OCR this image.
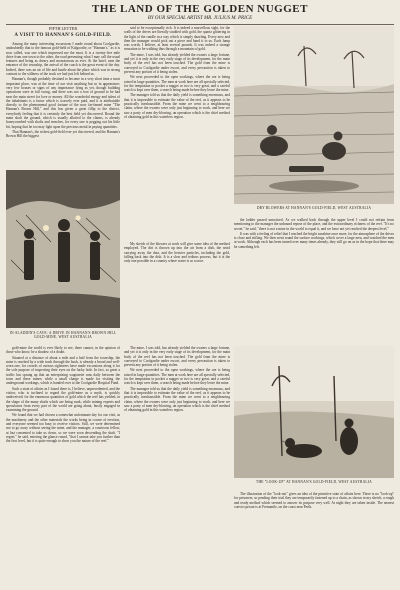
THE LAND OF THE GOLDEN NUGGET
BY OUR SPECIAL ARTIST MR. JULIUS M. PRICE
FIFTH LETTER
A VISIT TO HANNAN'S GOLD-FIELD.

Among the many interesting excursions I made round about Coolgardie, undoubtedly that to the famous gold-field of Kalgoorlie, or "Hannan's," as it is now called, was one which impressed me the most. It is a twenty-five mile drive from one town to the other, the road presenting what I may call the usual features and being as dreary and monotonous as ever. At the hotel, near the entrance of the township, the arrival of the coach is the great event of the day. Indeed, there was an air of life and bustle about the place which was in strong contrast to the stillness of the track we had just left behind us.

Hannan's, though probably destined to become in a very short time a most important place, was at the time of our visit anything but so in appearance; very few houses or signs of any importance lying as yet, though building operations were in full swing, and there was not a foot of ground to be had near the main street for love or money. All the wonderful energy and talent of the inhabitants is a factor which is scarcely ever paid, and it is attributable directly to the phenomenal good fortune of the now far-famed mine "The Hannan's Brown Hill," and this has given a great fillip to the district, everybody feeling that it is certainly the best field yet discovered. Round the main shaft the ground, which is usually allotted to the claims, is already honeycombed with shafts and trenches, for every one is pegging out his little bit, hoping that he too may light upon the precious metal in paying quantities.

That Hannan's, the richest gold-field ever yet discovered, and the Hannan's Brown Hill the biggest

said to be exceptionally rich. It is indeed a marvellous sight, for the walls of the drives are literally studded with gold, the quartz glittering in the light of the candle in a way which is simply dazzling. Every now and then the manager would pick out a piece and hand it to us. Each lump was worth, I believe, at least several pounds. It was indeed a strange sensation to be walking thus through a mountain of gold.

The mine, I was told, has already yielded the owners a large fortune, and yet it is only in the very early stage of its development, for the main body of the reef has not been touched. The gold from the mine is conveyed to Coolgardie under escort, and every precaution is taken to prevent any portion of it being stolen.

We next proceeded to the open workings, where the ore is being raised in large quantities. The men at work here are all specially selected, for the temptation to pocket a nugget or two is very great, and a careful watch is kept over them, a search being made before they leave the mine.

The manager told us that the daily yield is something enormous, and that it is impossible to estimate the value of the reef, as it appears to be practically inexhaustible. From the mine we went to a neighbouring claim, where the owners were only just beginning to work, and here we saw a party of men dry-blowing, an operation which is the chief method of obtaining gold in this waterless region.

DRY BLOWERS AT HANNAN'S GOLD-FIELD, WEST AUSTRALIA
IN ALADDIN'S CAVE: A DRIVE IN HANNAN'S BROWN HILL GOLD-MINE, WEST AUSTRALIA

the ladder passed unnoticed. As we walked back through the upper level I could not refrain from mentioning to the manager the unbound repose of the place, and the extraordinary richness of the reef. "It's no secret," he said, "there is not a mine in the world to equal it, and we have not yet reached the deepest level."

It was with a feeling of relief that I reached the bright sunshine once more, for the atmosphere of the drives is close and stifling. We then went round the surface workings, which cover a large area, and watched the men at work. Although each has been turned over many times already, they still go on as in the hope that there may be something left.

My sketch of the blowers at work will give some idea of the method employed. The dirt is thrown up into the air from a dish, the wind carrying away the dust, and the heavier particles, including the gold, falling back into the dish. It is a slow and tedious process, but it is the only one possible in a country where water is so scarce.

gold-mine the world is ever likely to see, there cannot, in the opinion of those who know, be a shadow of a doubt.

Situated at a distance of about a mile and a half from the township, the mine is reached by a wide track through the bush, is already a broad and well-worn one, for crowds of curious sightseers have made excursions along it for the sole purpose of inspecting their eyes on the lucky hole. In fact, so great a traffic has sprung up that an enterprising wagonette runs daily between the town and these mines; while a small charge is made for visiting the underground workings, which is handed over to the Coolgardie Hospital Fund.

Such a state of affairs as I found there is, I believe, unprecedented, and the visitor, who is inclined to regard the gold-mine as a myth, is quickly undeceived; for the enormous quantities of gold which the reef has yielded, in the shape of the many shafts which are being sunk, while mining experts and speculators from every part of the world are going about, busily engaged in examining the ground.

We found that we had chosen a somewhat unfortunate day for our visit, as the machinery and the other materials the works being in course of erection, and everyone seemed too busy to receive visitors. Still, we were determined not to go away without seeing the mine, and the manager, a courteous fellow, at last consented to take us down, so we were soon descending the shaft. "I regret," he said, entering the glance round, "that I cannot take you further than the first level, but it is quite enough to show you the nature of the reef."

The mine, I was told, has already yielded the owners a large fortune, and yet it is only in the very early stage of its development, for the main body of the reef has not been touched. The gold from the mine is conveyed to Coolgardie under escort, and every precaution is taken to prevent any portion of it being stolen.

We next proceeded to the open workings, where the ore is being raised in large quantities. The men at work here are all specially selected, for the temptation to pocket a nugget or two is very great, and a careful watch is kept over them, a search being made before they leave the mine.

The manager told us that the daily yield is something enormous, and that it is impossible to estimate the value of the reef, as it appears to be practically inexhaustible. From the mine we went to a neighbouring claim, where the owners were only just beginning to work, and here we saw a party of men dry-blowing, an operation which is the chief method of obtaining gold in this waterless region.

THE "LOOK-UP" AT HANNAN'S GOLD-FIELD, WEST AUSTRALIA

The illustration of the "look-out" gives an idea of the primitive state of affairs here. There is no "look-up" for prisoners, so pending their trial they are temporarily fastened up to a chain, as shown in my sketch, a rough and ready method which seemed to answer its purpose very well. At night they are taken inside. The nearest convict prison is at Fremantle, on the coast near Perth.
